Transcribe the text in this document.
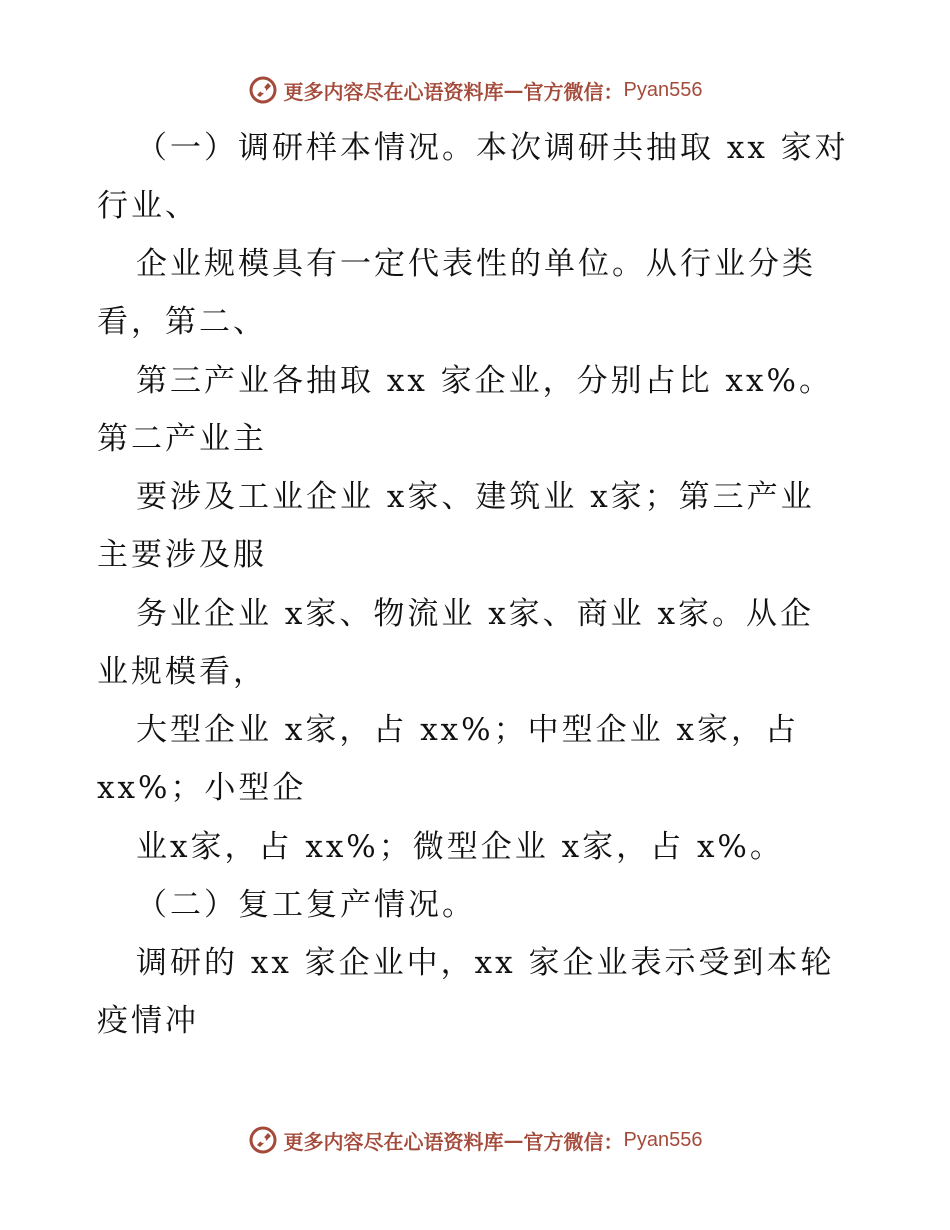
更多内容尽在心语资料库 — 官方微信： Pyan556
（一）调研样本情况。本次调研共抽取 xx 家对
行业、
企业规模具有一定代表性的单位。从行业分类
看，第二、
第三产业各抽取 xx 家企业，分别占比 xx%。
第二产业主
要涉及工业企业 x家、建筑业 x家；第三产业
主要涉及服
务业企业 x家、物流业 x家、商业 x家。从企
业规模看，
大型企业 x家，占 xx%；中型企业 x家，占
xx%；小型企
业x家，占 xx%；微型企业 x家，占 x%。
（二）复工复产情况。
调研的 xx 家企业中，xx 家企业表示受到本轮
疫情冲
更多内容尽在心语资料库 — 官方微信： Pyan556
